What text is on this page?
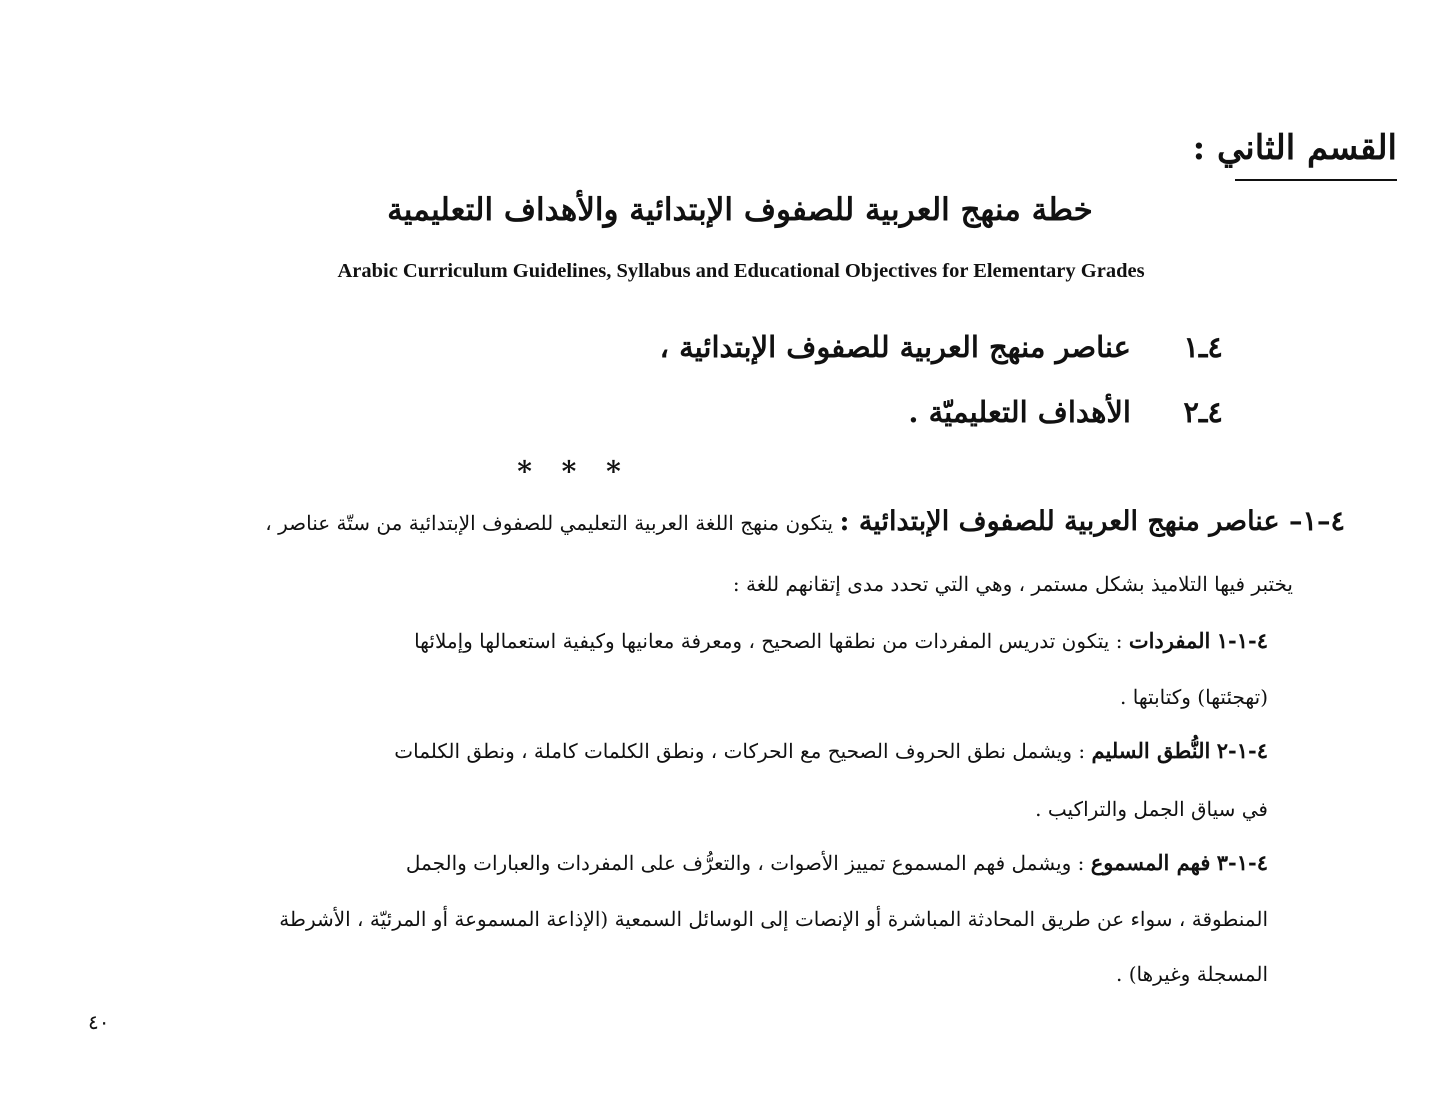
القسم الثاني :
خطة منهج العربية للصفوف الإبتدائية والأهداف التعليمية
Arabic Curriculum Guidelines, Syllabus and Educational Objectives for Elementary Grades
٤ـ١
عناصر منهج العربية للصفوف الإبتدائية ،
٤ـ٢
الأهداف التعليميّة .
* * *
٤–١– عناصر منهج العربية للصفوف الإبتدائية : يتكون منهج اللغة العربية التعليمي للصفوف الإبتدائية من ستّة عناصر ،
يختبر فيها التلاميذ بشكل مستمر ، وهي التي تحدد مدى إتقانهم للغة :
٤-١-١ المفردات : يتكون تدريس المفردات من نطقها الصحيح ، ومعرفة معانيها وكيفية استعمالها وإملائها
(تهجئتها) وكتابتها .
٤-١-٢ النُّطق السليم : ويشمل نطق الحروف الصحيح مع الحركات ، ونطق الكلمات كاملة ، ونطق الكلمات
في سياق الجمل والتراكيب .
٤-١-٣ فهم المسموع : ويشمل فهم المسموع تمييز الأصوات ، والتعرُّف على المفردات والعبارات والجمل
المنطوقة ، سواء عن طريق المحادثة المباشرة أو الإنصات إلى الوسائل السمعية (الإذاعة المسموعة أو المرئيّة ، الأشرطة
المسجلة وغيرها) .
٤٠
